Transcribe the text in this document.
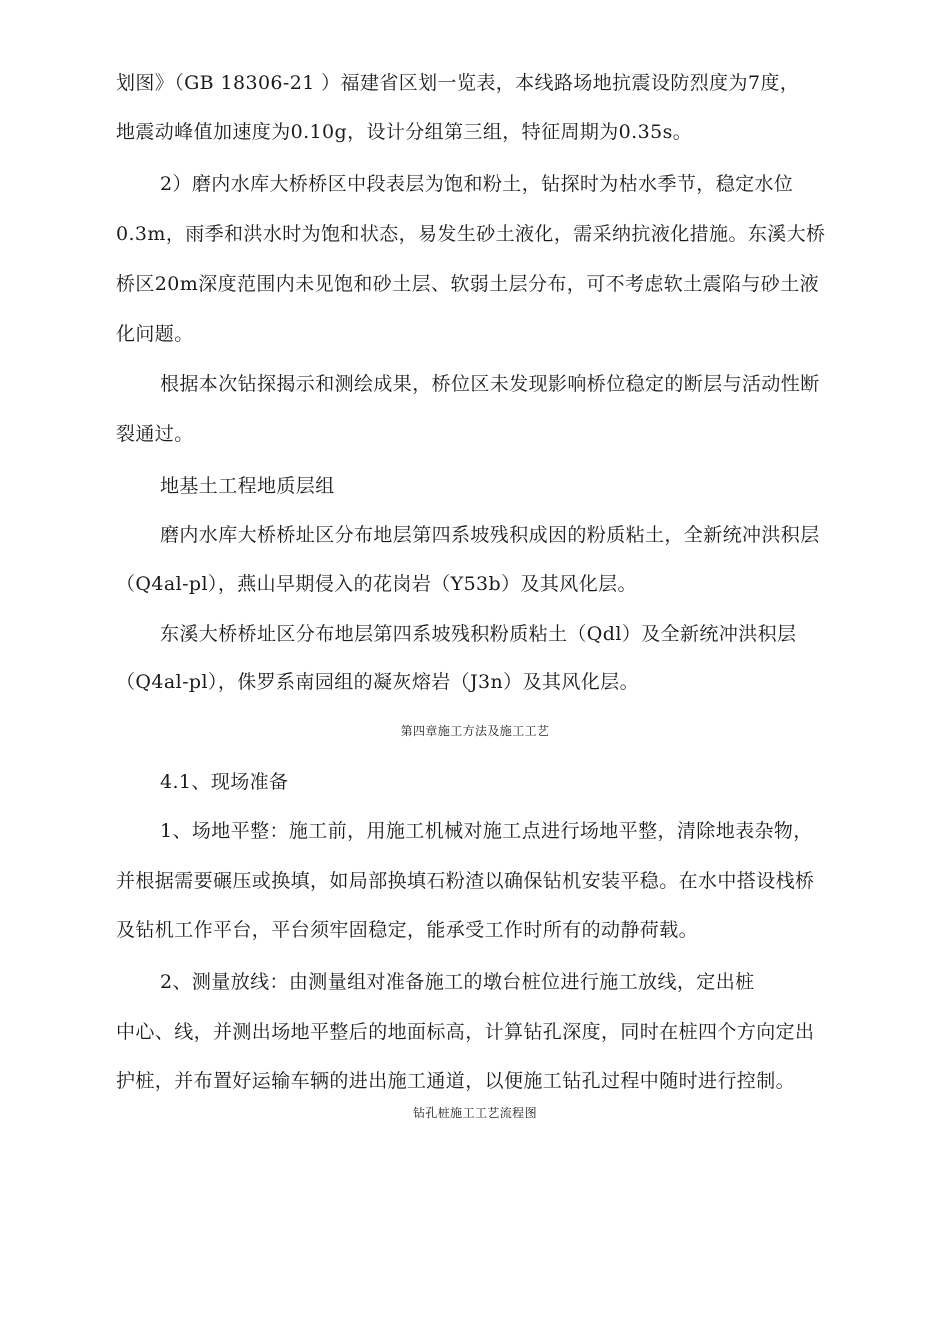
划图》（GB 18306-21 ）福建省区划一览表，本线路场地抗震设防烈度为7度，
地震动峰值加速度为0.10g，设计分组第三组，特征周期为0.35s。
2）磨内水库大桥桥区中段表层为饱和粉土，钻探时为枯水季节，稳定水位
0.3m，雨季和洪水时为饱和状态，易发生砂土液化，需采纳抗液化措施。东溪大桥
桥区20m深度范围内未见饱和砂土层、软弱土层分布，可不考虑软土震陷与砂土液
化问题。
根据本次钻探揭示和测绘成果，桥位区未发现影响桥位稳定的断层与活动性断
裂通过。
地基土工程地质层组
磨内水库大桥桥址区分布地层第四系坡残积成因的粉质粘土，全新统冲洪积层
（Q4al-pl），燕山早期侵入的花岗岩（Y53b）及其风化层。
东溪大桥桥址区分布地层第四系坡残积粉质粘土（Qdl）及全新统冲洪积层
（Q4al-pl），侏罗系南园组的凝灰熔岩（J3n）及其风化层。
第四章施工方法及施工工艺
4.1、现场准备
1、场地平整：施工前，用施工机械对施工点进行场地平整，清除地表杂物，
并根据需要碾压或换填，如局部换填石粉渣以确保钻机安装平稳。在水中搭设栈桥
及钻机工作平台，平台须牢固稳定，能承受工作时所有的动静荷载。
2、测量放线：由测量组对准备施工的墩台桩位进行施工放线，定出桩
中心、线，并测出场地平整后的地面标高，计算钻孔深度，同时在桩四个方向定出
护桩，并布置好运输车辆的进出施工通道，以便施工钻孔过程中随时进行控制。
钻孔桩施工工艺流程图
